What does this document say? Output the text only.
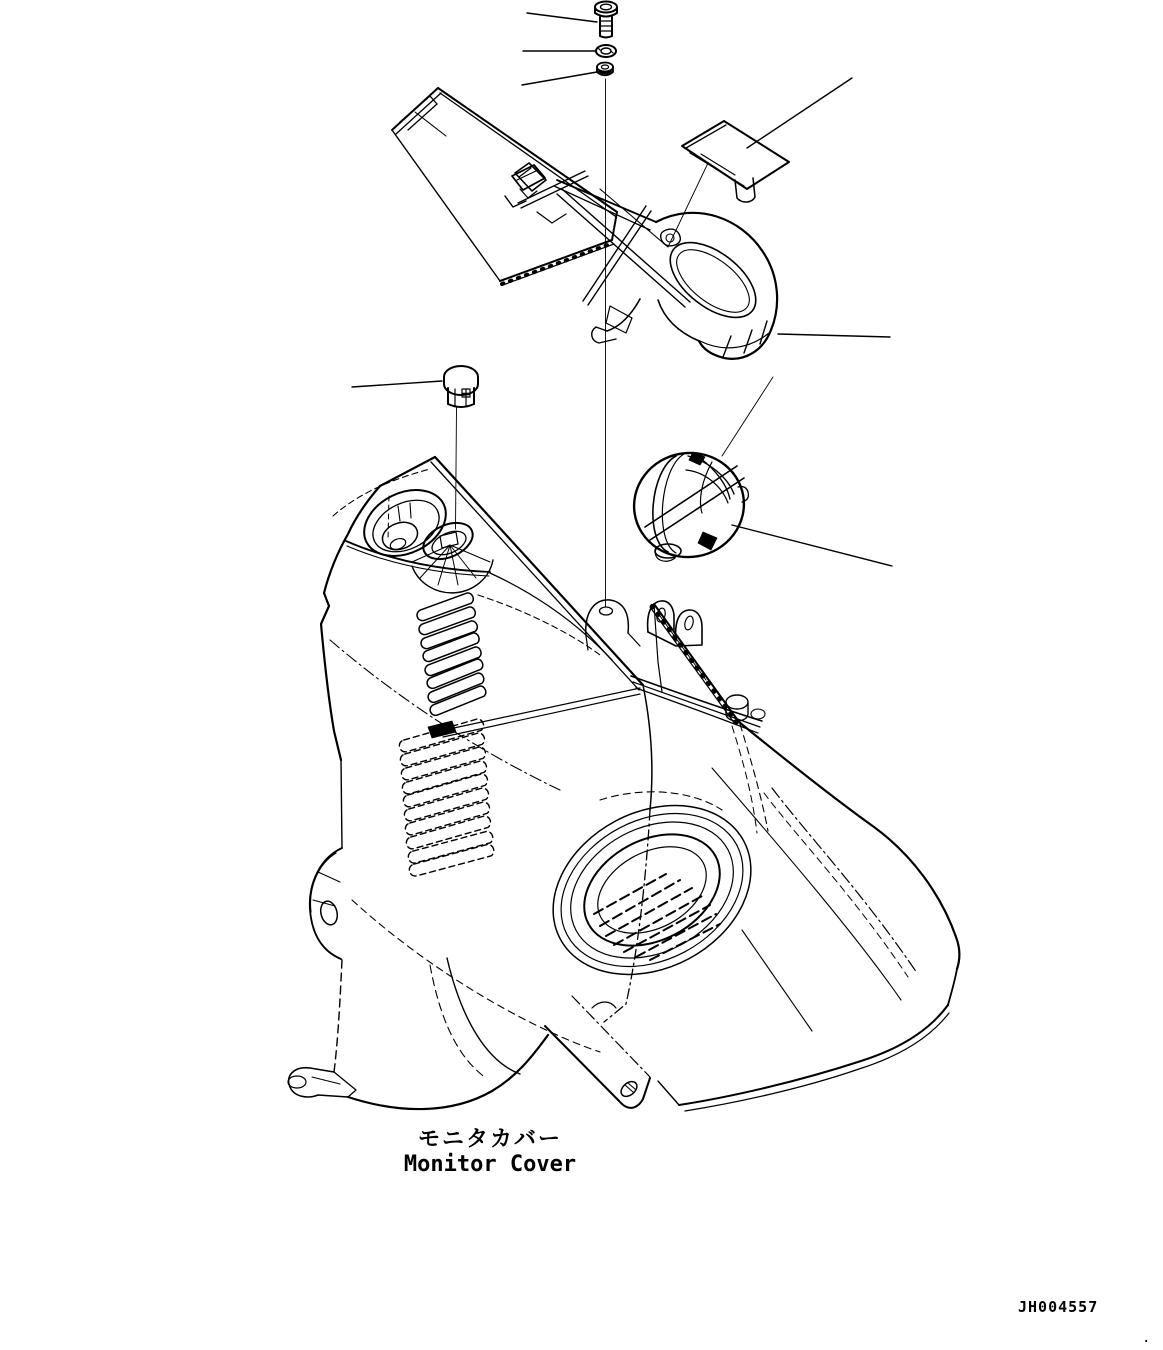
モニタカバー
Monitor Cover
JH004557
.
